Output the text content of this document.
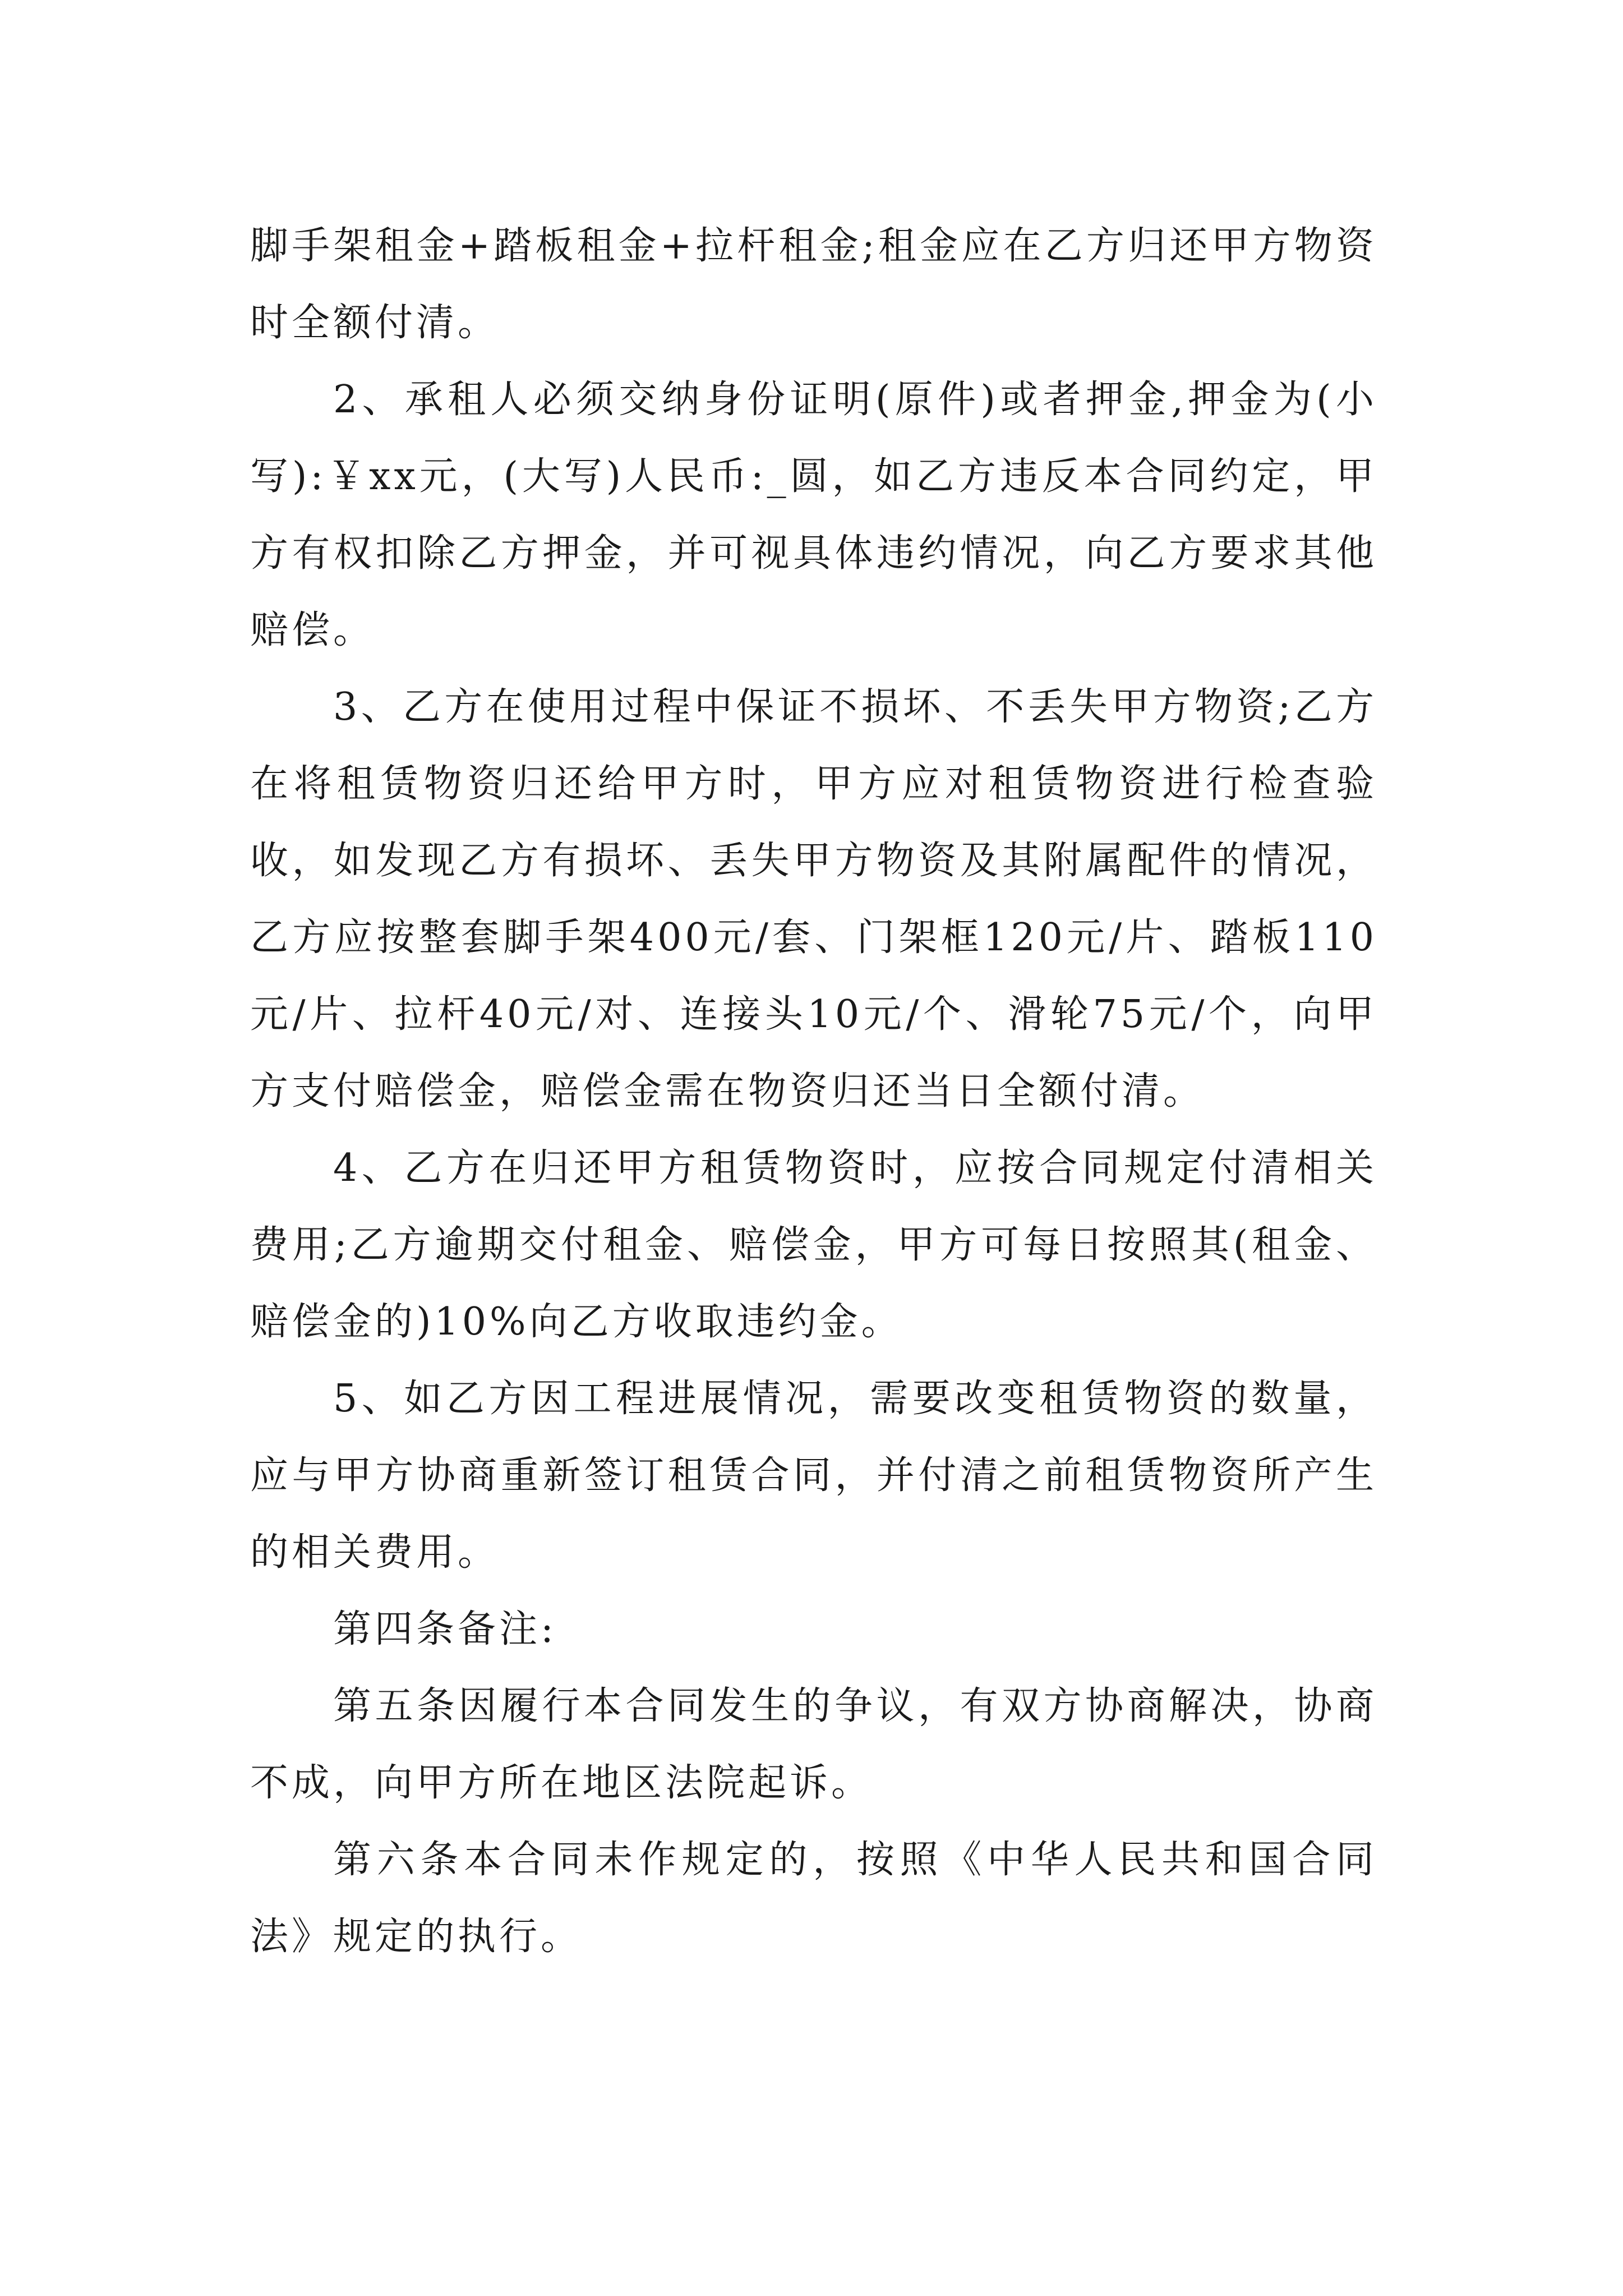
脚手架租金+踏板租金+拉杆租金;租金应在乙方归还甲方物资时全额付清。

2、承租人必须交纳身份证明(原件)或者押金,押金为(小写):￥xx元，(大写)人民币:_圆，如乙方违反本合同约定，甲方有权扣除乙方押金，并可视具体违约情况，向乙方要求其他赔偿。

3、乙方在使用过程中保证不损坏、不丢失甲方物资;乙方在将租赁物资归还给甲方时，甲方应对租赁物资进行检查验收，如发现乙方有损坏、丢失甲方物资及其附属配件的情况，乙方应按整套脚手架400元/套、门架框120元/片、踏板110元/片、拉杆40元/对、连接头10元/个、滑轮75元/个，向甲方支付赔偿金，赔偿金需在物资归还当日全额付清。

4、乙方在归还甲方租赁物资时，应按合同规定付清相关费用;乙方逾期交付租金、赔偿金，甲方可每日按照其(租金、赔偿金的)10%向乙方收取违约金。

5、如乙方因工程进展情况，需要改变租赁物资的数量，应与甲方协商重新签订租赁合同，并付清之前租赁物资所产生的相关费用。

第四条备注:

第五条因履行本合同发生的争议，有双方协商解决，协商不成，向甲方所在地区法院起诉。

第六条本合同未作规定的，按照《中华人民共和国合同法》规定的执行。
